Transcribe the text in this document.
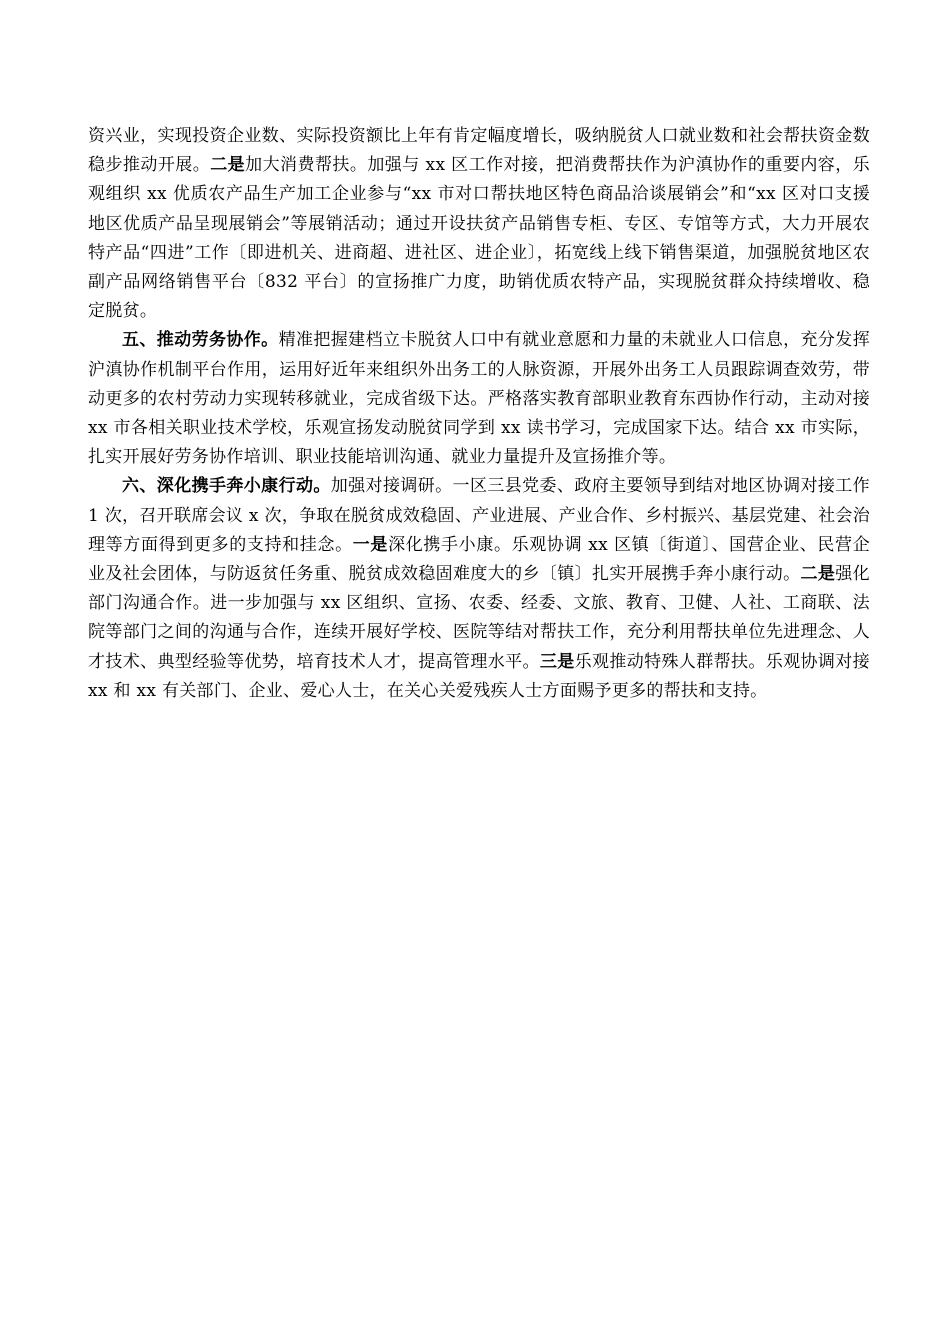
资兴业，实现投资企业数、实际投资额比上年有肯定幅度增长，吸纳脱贫人口就业数和社会帮扶资金数稳步推动开展。二是加大消费帮扶。加强与 xx 区工作对接，把消费帮扶作为沪滇协作的重要内容，乐观组织 xx 优质农产品生产加工企业参与“xx 市对口帮扶地区特色商品洽谈展销会”和“xx 区对口支援地区优质产品呈现展销会”等展销活动；通过开设扶贫产品销售专柜、专区、专馆等方式，大力开展农特产品“四进”工作〔即进机关、进商超、进社区、进企业〕，拓宽线上线下销售渠道，加强脱贫地区农副产品网络销售平台〔832 平台〕的宣扬推广力度，助销优质农特产品，实现脱贫群众持续增收、稳定脱贫。

五、推动劳务协作。精准把握建档立卡脱贫人口中有就业意愿和力量的未就业人口信息，充分发挥沪滇协作机制平台作用，运用好近年来组织外出务工的人脉资源，开展外出务工人员跟踪调查效劳，带动更多的农村劳动力实现转移就业，完成省级下达。严格落实教育部职业教育东西协作行动，主动对接 xx 市各相关职业技术学校，乐观宣扬发动脱贫同学到 xx 读书学习，完成国家下达。结合 xx 市实际，扎实开展好劳务协作培训、职业技能培训沟通、就业力量提升及宣扬推介等。

六、深化携手奔小康行动。加强对接调研。一区三县党委、政府主要领导到结对地区协调对接工作 1 次，召开联席会议 x 次，争取在脱贫成效稳固、产业进展、产业合作、乡村振兴、基层党建、社会治理等方面得到更多的支持和挂念。一是深化携手小康。乐观协调 xx 区镇〔街道〕、国营企业、民营企业及社会团体，与防返贫任务重、脱贫成效稳固难度大的乡〔镇〕扎实开展携手奔小康行动。二是强化部门沟通合作。进一步加强与 xx 区组织、宣扬、农委、经委、文旅、教育、卫健、人社、工商联、法院等部门之间的沟通与合作，连续开展好学校、医院等结对帮扶工作，充分利用帮扶单位先进理念、人才技术、典型经验等优势，培育技术人才，提高管理水平。三是乐观推动特殊人群帮扶。乐观协调对接 xx 和 xx 有关部门、企业、爱心人士，在关心关爱残疾人士方面赐予更多的帮扶和支持。
